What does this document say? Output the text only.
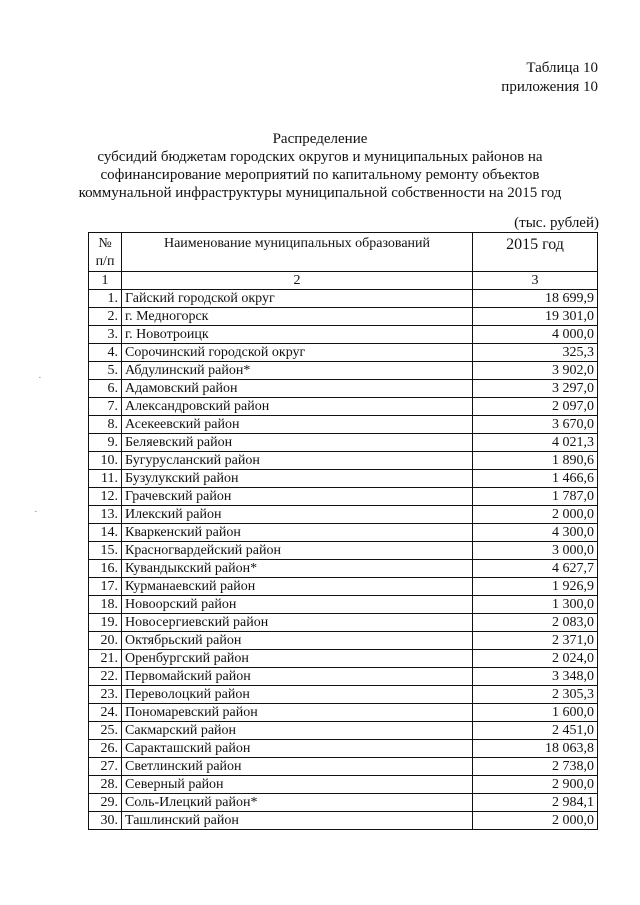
Таблица 10
приложения 10
Распределение
субсидий бюджетам городских округов и муниципальных районов на
софинансирование мероприятий по капитальному ремонту объектов
коммунальной инфраструктуры муниципальной собственности на 2015 год
(тыс. рублей)
№
п/п	Наименование муниципальных образований	2015 год
1	2	3
1.	Гайский городской округ	18 699,9
2.	г. Медногорск	19 301,0
3.	г. Новотроицк	4 000,0
4.	Сорочинский городской округ	325,3
5.	Абдулинский район*	3 902,0
6.	Адамовский район	3 297,0
7.	Александровский район	2 097,0
8.	Асекеевский район	3 670,0
9.	Беляевский район	4 021,3
10.	Бугурусланский район	1 890,6
11.	Бузулукский район	1 466,6
12.	Грачевский район	1 787,0
13.	Илекский район	2 000,0
14.	Кваркенский район	4 300,0
15.	Красногвардейский район	3 000,0
16.	Кувандыкский район*	4 627,7
17.	Курманаевский район	1 926,9
18.	Новоорский район	1 300,0
19.	Новосергиевский район	2 083,0
20.	Октябрьский район	2 371,0
21.	Оренбургский район	2 024,0
22.	Первомайский район	3 348,0
23.	Переволоцкий район	2 305,3
24.	Пономаревский район	1 600,0
25.	Сакмарский район	2 451,0
26.	Саракташский район	18 063,8
27.	Светлинский район	2 738,0
28.	Северный район	2 900,0
29.	Соль-Илецкий район*	2 984,1
30.	Ташлинский район	2 000,0
·
·
